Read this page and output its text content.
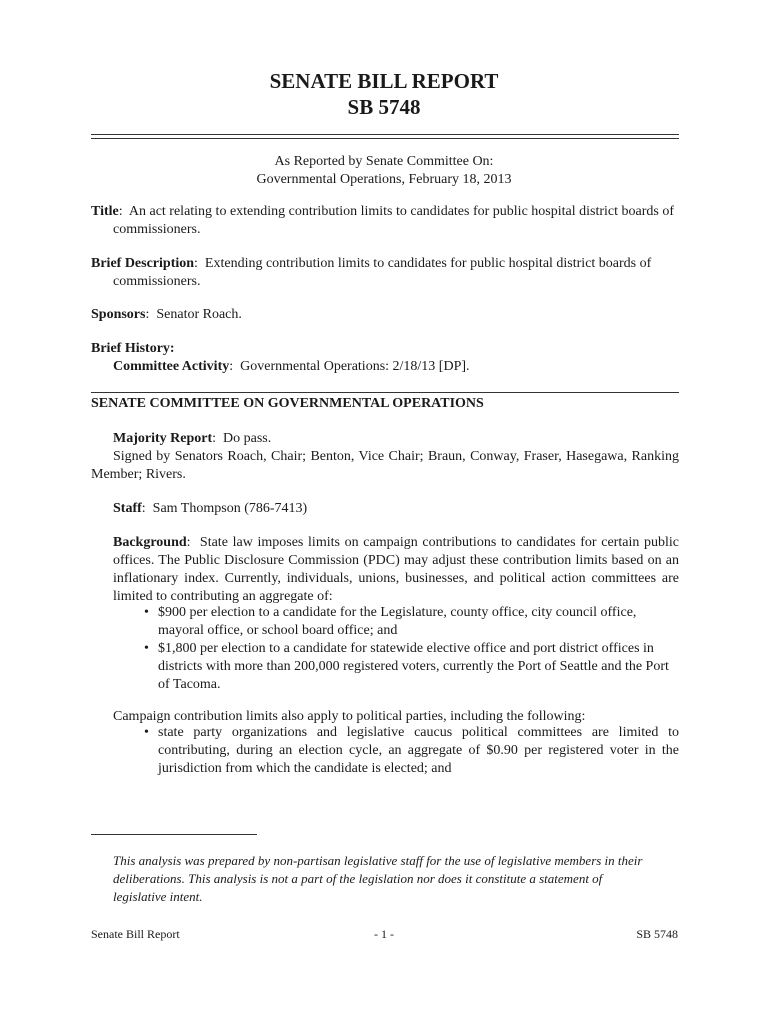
SENATE BILL REPORT
SB 5748
As Reported by Senate Committee On:
Governmental Operations, February 18, 2013
Title:  An act relating to extending contribution limits to candidates for public hospital district boards of commissioners.
Brief Description:  Extending contribution limits to candidates for public hospital district boards of commissioners.
Sponsors:  Senator Roach.
Brief History:
Committee Activity:  Governmental Operations: 2/18/13 [DP].
SENATE COMMITTEE ON GOVERNMENTAL OPERATIONS
Majority Report:  Do pass.
Signed by Senators Roach, Chair; Benton, Vice Chair; Braun, Conway, Fraser, Hasegawa, Ranking Member; Rivers.
Staff:  Sam Thompson (786-7413)
Background:  State law imposes limits on campaign contributions to candidates for certain public offices. The Public Disclosure Commission (PDC) may adjust these contribution limits based on an inflationary index. Currently, individuals, unions, businesses, and political action committees are limited to contributing an aggregate of:
• $900 per election to a candidate for the Legislature, county office, city council office, mayoral office, or school board office; and
• $1,800 per election to a candidate for statewide elective office and port district offices in districts with more than 200,000 registered voters, currently the Port of Seattle and the Port of Tacoma.
Campaign contribution limits also apply to political parties, including the following:
• state party organizations and legislative caucus political committees are limited to contributing, during an election cycle, an aggregate of $0.90 per registered voter in the jurisdiction from which the candidate is elected; and
This analysis was prepared by non-partisan legislative staff for the use of legislative members in their deliberations. This analysis is not a part of the legislation nor does it constitute a statement of legislative intent.
Senate Bill Report	- 1 -	SB 5748
